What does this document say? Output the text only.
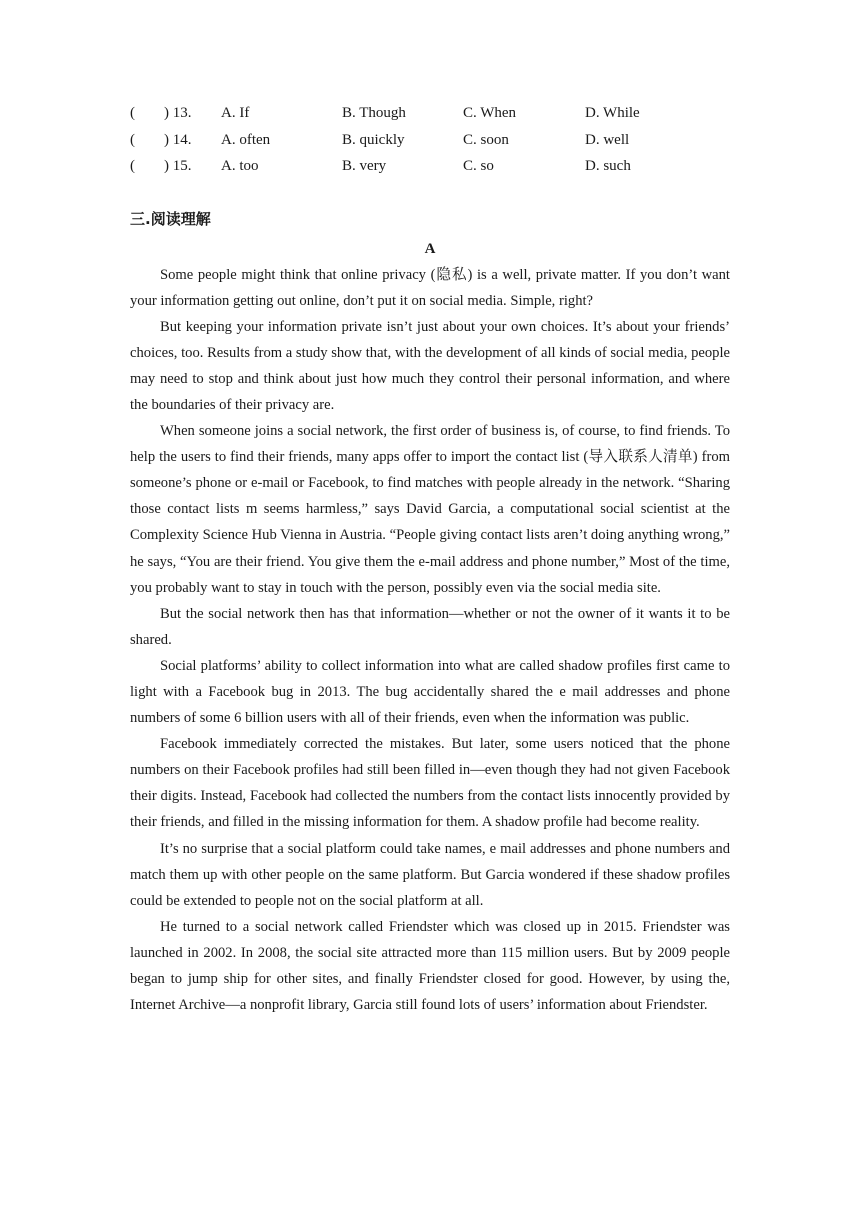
( ) 13. A. If	B. Though	C. When	D. While
( ) 14. A. often	B. quickly	C. soon	D. well
( ) 15. A. too	B. very	C. so	D. such
三.阅读理解
A

Some people might think that online privacy (隐私) is a well, private matter. If you don’t want your information getting out online, don’t put it on social media. Simple, right?

But keeping your information private isn’t just about your own choices. It’s about your friends’ choices, too. Results from a study show that, with the development of all kinds of social media, people may need to stop and think about just how much they control their personal information, and where the boundaries of their privacy are.

When someone joins a social network, the first order of business is, of course, to find friends. To help the users to find their friends, many apps offer to import the contact list (导入联系人清单) from someone’s phone or e-mail or Facebook, to find matches with people already in the network. “Sharing those contact lists m seems harmless,” says David Garcia, a computational social scientist at the Complexity Science Hub Vienna in Austria. “People giving contact lists aren’t doing anything wrong,” he says, “You are their friend. You give them the e-mail address and phone number,” Most of the time, you probably want to stay in touch with the person, possibly even via the social media site.

But the social network then has that information—whether or not the owner of it wants it to be shared.

Social platforms’ ability to collect information into what are called shadow profiles first came to light with a Facebook bug in 2013. The bug accidentally shared the e mail addresses and phone numbers of some 6 billion users with all of their friends, even when the information was public.

Facebook immediately corrected the mistakes. But later, some users noticed that the phone numbers on their Facebook profiles had still been filled in—even though they had not given Facebook their digits. Instead, Facebook had collected the numbers from the contact lists innocently provided by their friends, and filled in the missing information for them. A shadow profile had become reality.

It’s no surprise that a social platform could take names, e mail addresses and phone numbers and match them up with other people on the same platform. But Garcia wondered if these shadow profiles could be extended to people not on the social platform at all.

He turned to a social network called Friendster which was closed up in 2015. Friendster was launched in 2002. In 2008, the social site attracted more than 115 million users. But by 2009 people began to jump ship for other sites, and finally Friendster closed for good. However, by using the, Internet Archive—a nonprofit library, Garcia still found lots of users’ information about Friendster.
